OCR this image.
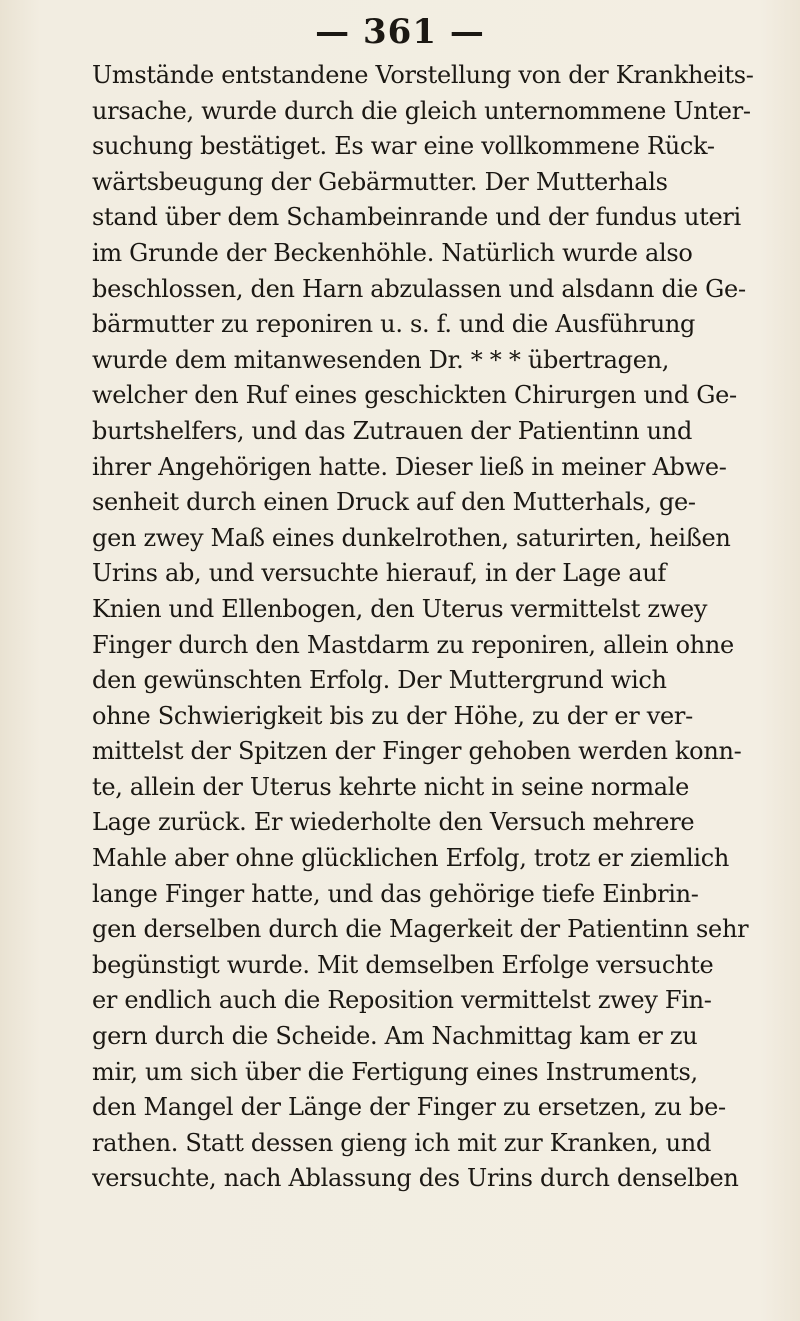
— 361 —
Umstände entstandene Vorstellung von der Krankheits-
ursache, wurde durch die gleich unternommene Unter-
suchung bestätiget. Es war eine vollkommene Rück-
wärtsbeugung der Gebärmutter. Der Mutterhals
stand über dem Schambeinrande und der fundus uteri
im Grunde der Beckenhöhle. Natürlich wurde also
beschlossen, den Harn abzulassen und alsdann die Ge-
bärmutter zu reponiren u. s. f. und die Ausführung
wurde dem mitanwesenden Dr. * * * übertragen,
welcher den Ruf eines geschickten Chirurgen und Ge-
burtshelfers, und das Zutrauen der Patientinn und
ihrer Angehörigen hatte. Dieser ließ in meiner Abwe-
senheit durch einen Druck auf den Mutterhals, ge-
gen zwey Maß eines dunkelrothen, saturirten, heißen
Urins ab, und versuchte hierauf, in der Lage auf
Knien und Ellenbogen, den Uterus vermittelst zwey
Finger durch den Mastdarm zu reponiren, allein ohne
den gewünschten Erfolg. Der Muttergrund wich
ohne Schwierigkeit bis zu der Höhe, zu der er ver-
mittelst der Spitzen der Finger gehoben werden konn-
te, allein der Uterus kehrte nicht in seine normale
Lage zurück. Er wiederholte den Versuch mehrere
Mahle aber ohne glücklichen Erfolg, trotz er ziemlich
lange Finger hatte, und das gehörige tiefe Einbrin-
gen derselben durch die Magerkeit der Patientinn sehr
begünstigt wurde. Mit demselben Erfolge versuchte
er endlich auch die Reposition vermittelst zwey Fin-
gern durch die Scheide. Am Nachmittag kam er zu
mir, um sich über die Fertigung eines Instruments,
den Mangel der Länge der Finger zu ersetzen, zu be-
rathen. Statt dessen gieng ich mit zur Kranken, und
versuchte, nach Ablassung des Urins durch denselben
